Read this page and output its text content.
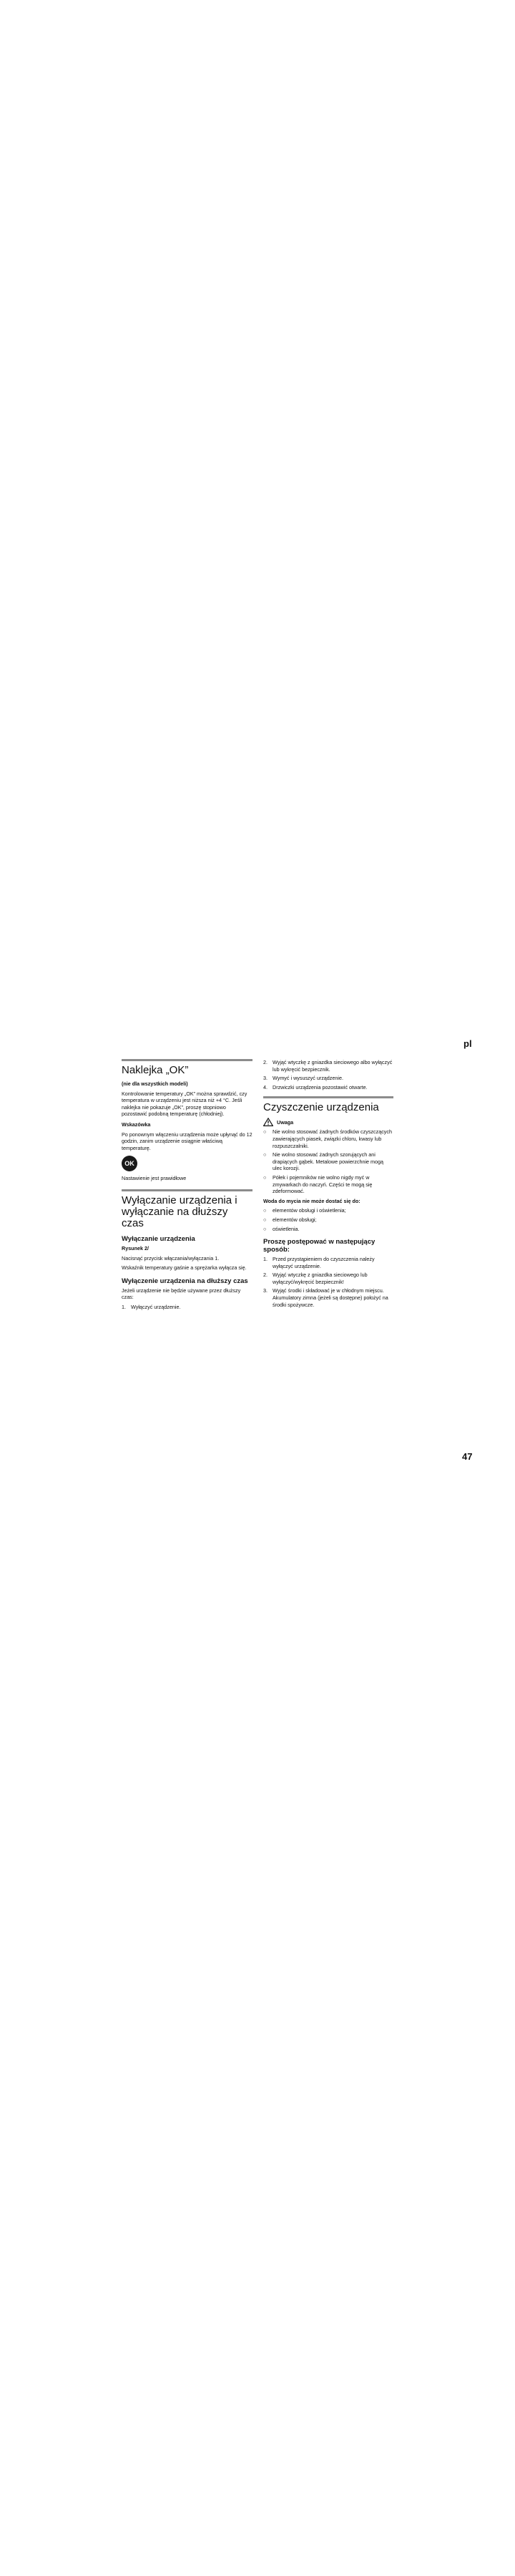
pl
Naklejka „OK”

(nie dla wszystkich modeli)

Kontrolowanie temperatury „OK” można sprawdzić, czy temperatura w urządzeniu jest niższa niż +4 °C. Jeśli naklejka nie pokazuje „OK”, proszę stopniowo pozostawić podobną temperaturę (chłodniej).

Wskazówka

Po ponownym włączeniu urządzenia może upłynąć do 12 godzin, zanim urządzenie osiągnie właściwą temperaturę.

OK

Nastawienie jest prawidłowe

Wyłączanie urządzenia i wyłączanie na dłuższy czas
Wyłączanie urządzenia

Rysunek 2/

Nacisnąć przycisk włączania/wyłączania 1.

Wskaźnik temperatury gaśnie a sprężarka wyłącza się.

Wyłączenie urządzenia na dłuższy czas

Jeżeli urządzenie nie będzie używane przez dłuższy czas:

1. Wyłączyć urządzenie.
2. Wyjąć wtyczkę z gniazdka sieciowego albo wyłączyć lub wykręcić bezpiecznik.
3. Wymyć i wysuszyć urządzenie.
4. Drzwiczki urządzenia pozostawić otwarte.
Czyszczenie urządzenia
Uwaga
○ Nie wolno stosować żadnych środków czyszczących zawierających piasek, związki chloru, kwasy lub rozpuszczalniki.
○ Nie wolno stosować żadnych szorujących ani drapiących gąbek. Metalowe powierzchnie mogą ulec korozji.
○ Półek i pojemników nie wolno nigdy myć w zmywarkach do naczyń. Części te mogą się zdeformować.

Woda do mycia nie może dostać się do:

○ elementów obsługi i oświetlenia;
○ elementów obsługi;
○ oświetlenia.
Proszę postępować w następujący sposób:
1. Przed przystąpieniem do czyszczenia należy wyłączyć urządzenie.
2. Wyjąć wtyczkę z gniazdka sieciowego lub wyłączyć/wykręcić bezpiecznik!
3. Wyjąć środki i składować je w chłodnym miejscu. Akumulatory zimna (jeżeli są dostępne) położyć na środki spożywcze.
47
